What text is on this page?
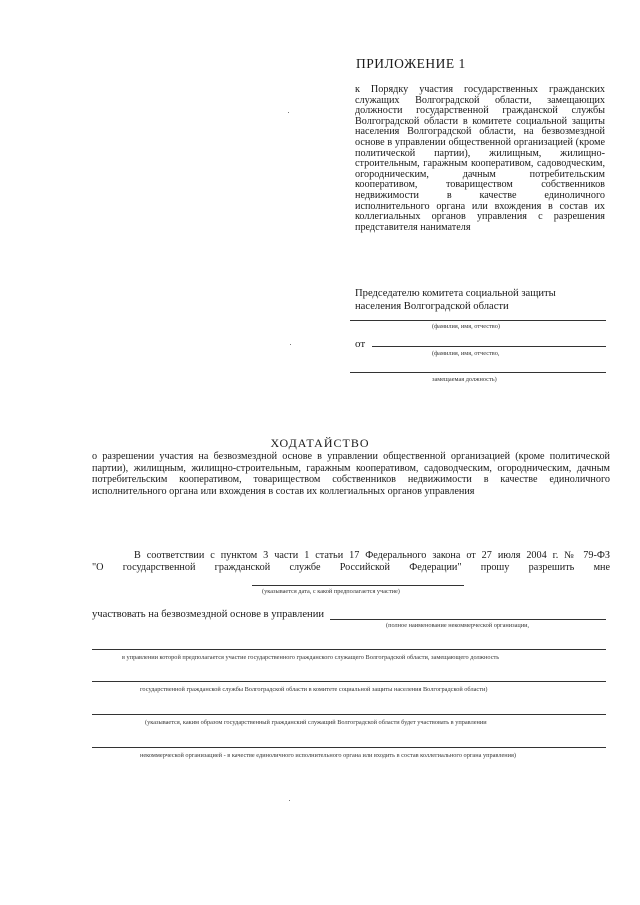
ПРИЛОЖЕНИЕ 1
к Порядку участия государственных гражданских служащих Волгоградской области, замещающих должности государственной гражданской службы Волгоградской области в комитете социальной защиты населения Волгоградской области, на безвозмездной основе в управлении общественной организацией (кроме политической партии), жилищным, жилищно-строительным, гаражным кооперативом, садоводческим, огородническим, дачным потребительским кооперативом, товариществом собственников недвижимости в качестве единоличного исполнительного органа или вхождения в состав их коллегиальных органов управления с разрешения представителя нанимателя
Председателю комитета социальной защиты
населения Волгоградской области
(фамилия, имя, отчество)
от
(фамилия, имя, отчество,
замещаемая должность)
ХОДАТАЙСТВО
о разрешении участия на безвозмездной основе в управлении общественной организацией (кроме политической партии), жилищным, жилищно-строительным, гаражным кооперативом, садоводческим, огородническим, дачным потребительским кооперативом, товариществом собственников недвижимости в качестве единоличного исполнительного органа или вхождения в состав их коллегиальных органов управления
В соответствии с пунктом 3 части 1 статьи 17 Федерального закона от 27 июля 2004 г. № 79-ФЗ
"О государственной гражданской службе Российской Федерации" прошу разрешить мне
(указывается дата, с какой предполагается участие)
участвовать на безвозмездной основе в управлении
(полное наименование некоммерческой организации,
в управлении которой предполагается участие государственного гражданского служащего Волгоградской области, замещающего должность
государственной гражданской службы Волгоградской области в комитете социальной защиты населения Волгоградской области)
(указывается, каким образом государственный гражданский служащий Волгоградской области будет участвовать в управлении
некоммерческой организацией - в качестве единоличного исполнительного органа или входить в состав коллегиального органа управления)
